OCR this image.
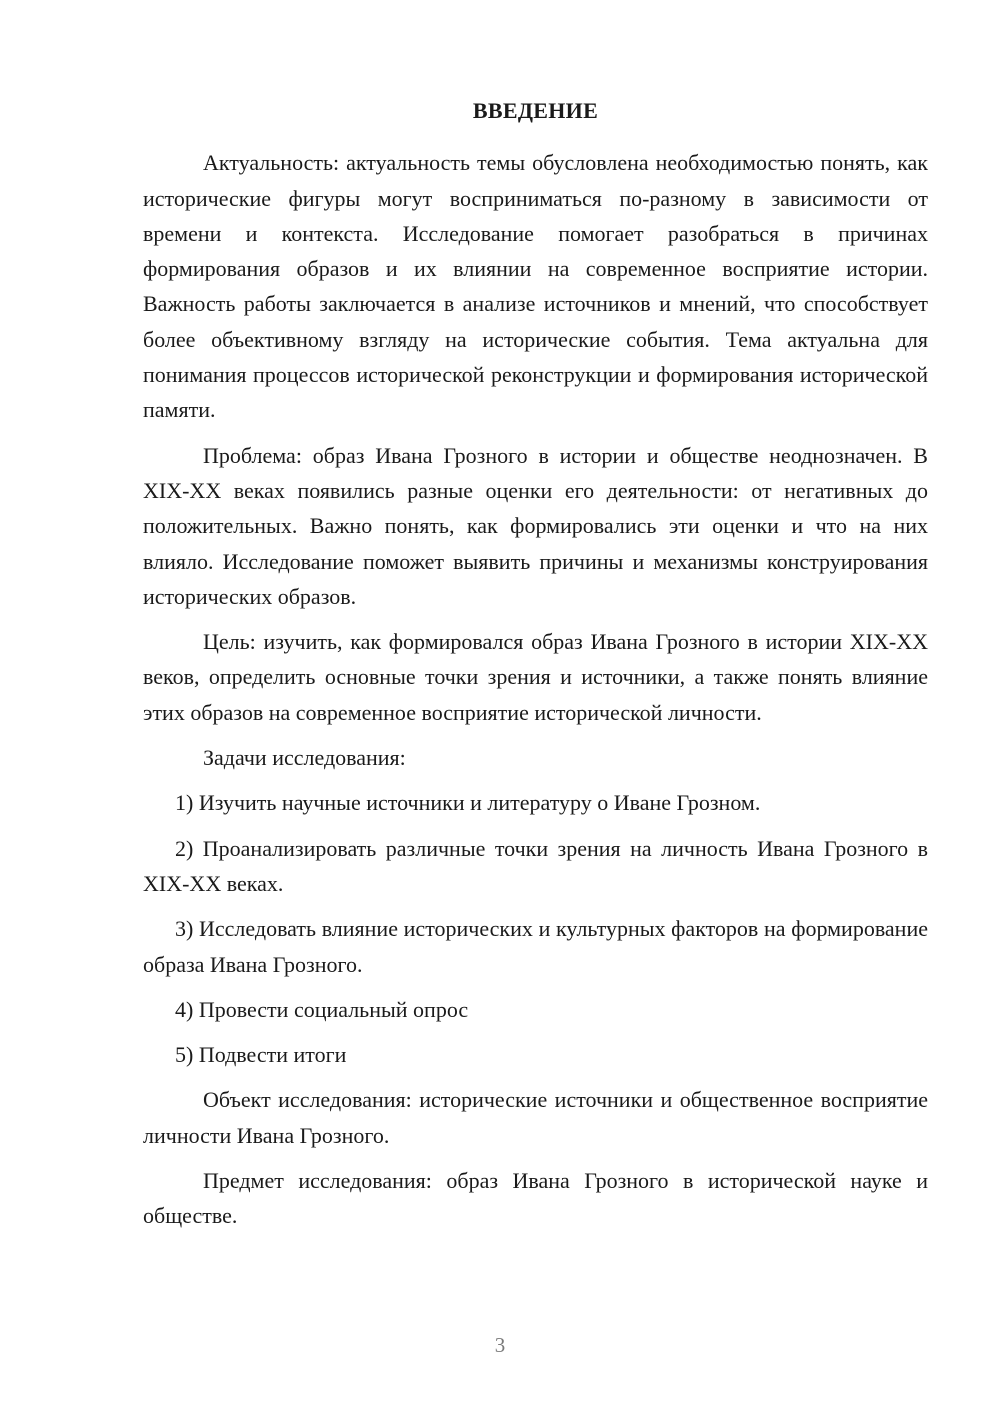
ВВЕДЕНИЕ

Актуальность: актуальность темы обусловлена необходимостью понять, как исторические фигуры могут восприниматься по-разному в зависимости от времени и контекста. Исследование помогает разобраться в причинах формирования образов и их влиянии на современное восприятие истории. Важность работы заключается в анализе источников и мнений, что способствует более объективному взгляду на исторические события. Тема актуальна для понимания процессов исторической реконструкции и формирования исторической памяти.

Проблема: образ Ивана Грозного в истории и обществе неоднозначен. В XIX-XX веках появились разные оценки его деятельности: от негативных до положительных. Важно понять, как формировались эти оценки и что на них влияло. Исследование поможет выявить причины и механизмы конструирования исторических образов.

Цель: изучить, как формировался образ Ивана Грозного в истории XIX-XX веков, определить основные точки зрения и источники, а также понять влияние этих образов на современное восприятие исторической личности.

Задачи исследования:

1) Изучить научные источники и литературу о Иване Грозном.

2) Проанализировать различные точки зрения на личность Ивана Грозного в XIX-XX веках.

3) Исследовать влияние исторических и культурных факторов на формирование образа Ивана Грозного.

4) Провести социальный опрос

5) Подвести итоги

Объект исследования: исторические источники и общественное восприятие личности Ивана Грозного.

Предмет исследования: образ Ивана Грозного в исторической науке и обществе.

3
